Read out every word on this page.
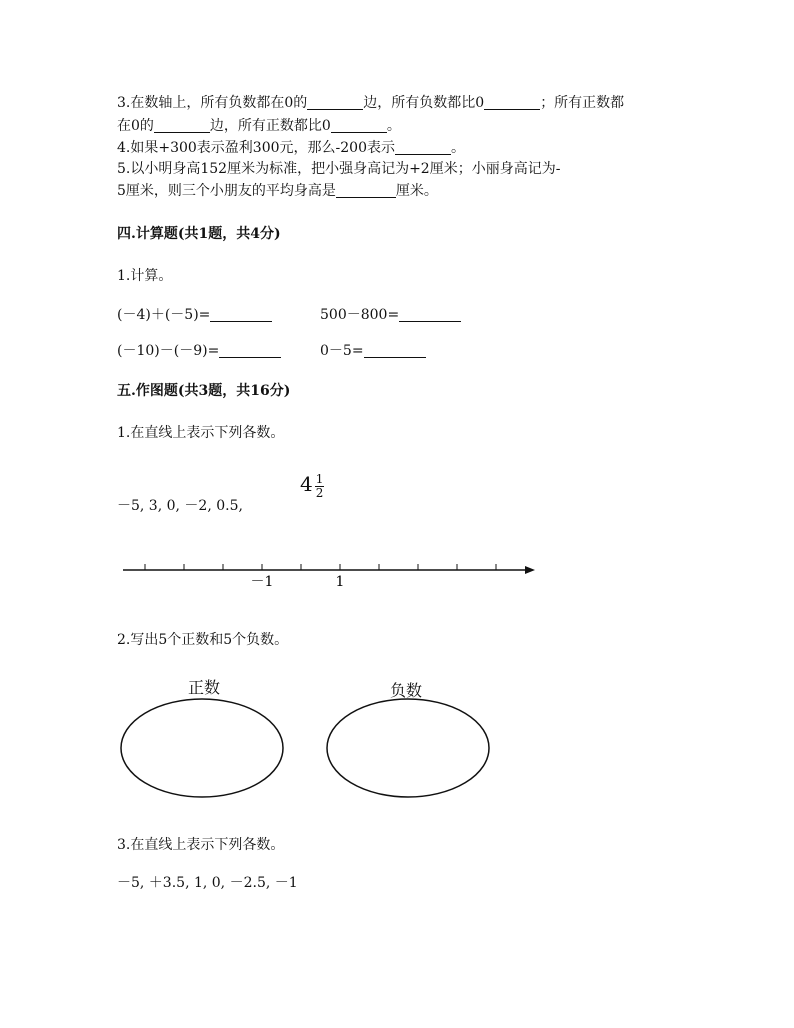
3.在数轴上，所有负数都在0的	边，所有负数都比0	；所有正数都
在0的	边，所有正数都比0	。
4.如果+300表示盈利300元，那么-200表示	。
5.以小明身高152厘米为标准，把小强身高记为+2厘米；小丽身高记为-
5厘米，则三个小朋友的平均身高是	厘米。
四.计算题(共1题，共4分)
1.计算。
(－4)＋(－5)=	500－800=
(－10)－(－9)=	0－5=
五.作图题(共3题，共16分)
1.在直线上表示下列各数。
－5, 3, 0, －2, 0.5,
$4 \frac{1}{2}$
－1	1
2.写出5个正数和5个负数。
正数	负数
3.在直线上表示下列各数。
－5, ＋3.5, 1, 0, －2.5, －1
